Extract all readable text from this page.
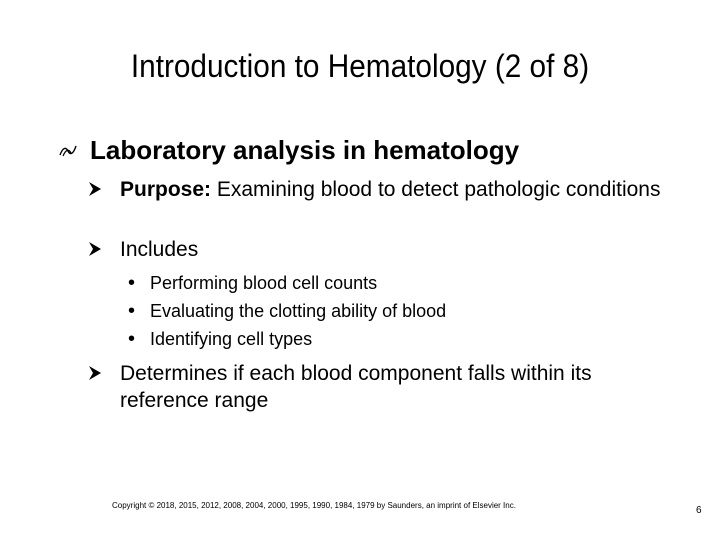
Introduction to Hematology (2 of 8)
Laboratory analysis in hematology
Purpose: Examining blood to detect pathologic conditions
Includes
• Performing blood cell counts
• Evaluating the clotting ability of blood
• Identifying cell types
Determines if each blood component falls within its reference range
Copyright © 2018, 2015, 2012, 2008, 2004, 2000, 1995, 1990, 1984, 1979 by Saunders, an imprint of Elsevier Inc.	6
